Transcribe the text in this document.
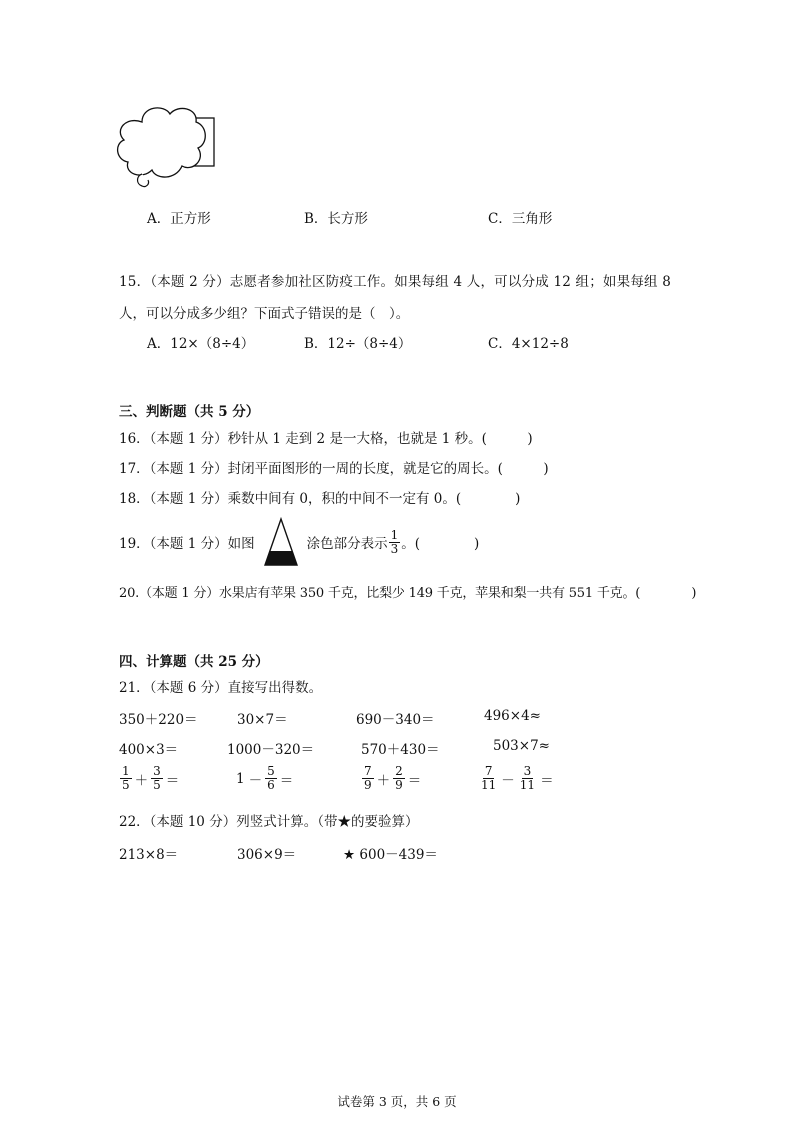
A．正方形	B．长方形	C．三角形
15．（本题 2 分）志愿者参加社区防疫工作。如果每组 4 人，可以分成 12 组；如果每组 8
人，可以分成多少组？下面式子错误的是（　）。
A．12×（8÷4）	B．12÷（8÷4）	C．4×12÷8
三、判断题（共 5 分）
16．（本题 1 分）秒针从 1 走到 2 是一大格，也就是 1 秒。(　　　)
17．（本题 1 分）封闭平面图形的一周的长度，就是它的周长。(　　　)
18．（本题 1 分）乘数中间有 0，积的中间不一定有 0。(　　　　)
19．（本题 1 分）如图	涂色部分表示 $\frac{1}{3}$ 。(　　　　)
20.（本题 1 分）水果店有苹果 350 千克，比梨少 149 千克，苹果和梨一共有 551 千克。(　　　　)
四、计算题（共 25 分）
21．（本题 6 分）直接写出得数。
350＋220＝	30×7＝	690－340＝	496×4≈
400×3＝	1000－320＝	570＋430＝	503×7≈
$\frac{1}{5} + \frac{3}{5}$ ＝	$1 - \frac{5}{6}$ ＝	$\frac{7}{9} + \frac{2}{9}$ ＝	$\frac{7}{11} - \frac{3}{11}$ ＝
22．（本题 10 分）列竖式计算。（带★的要验算）
213×8＝	306×9＝	★ 600－439＝
试卷第 3 页，共 6 页
